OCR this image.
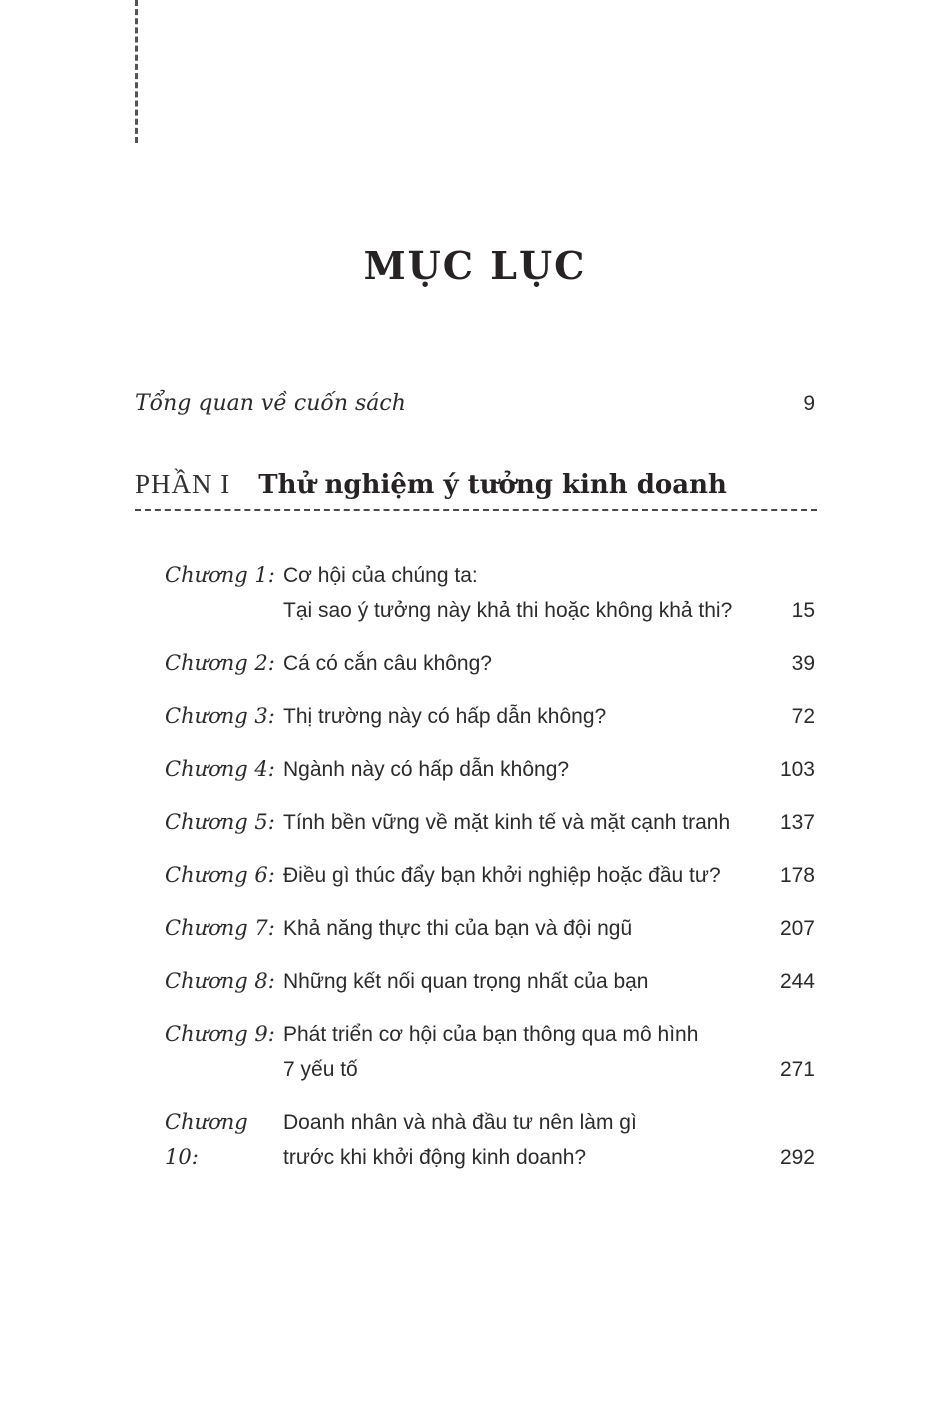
MỤC LỤC
Tổng quan về cuốn sách	9
PHẦN I Thử nghiệm ý tưởng kinh doanh
Chương 1: Cơ hội của chúng ta:
Tại sao ý tưởng này khả thi hoặc không khả thi?	15
Chương 2: Cá có cắn câu không?	39
Chương 3: Thị trường này có hấp dẫn không?	72
Chương 4: Ngành này có hấp dẫn không?	103
Chương 5: Tính bền vững về mặt kinh tế và mặt cạnh tranh	137
Chương 6: Điều gì thúc đẩy bạn khởi nghiệp hoặc đầu tư?	178
Chương 7: Khả năng thực thi của bạn và đội ngũ	207
Chương 8: Những kết nối quan trọng nhất của bạn	244
Chương 9: Phát triển cơ hội của bạn thông qua mô hình
7 yếu tố	271
Chương 10:
Doanh nhân và nhà đầu tư nên làm gì
trước khi khởi động kinh doanh?	292
